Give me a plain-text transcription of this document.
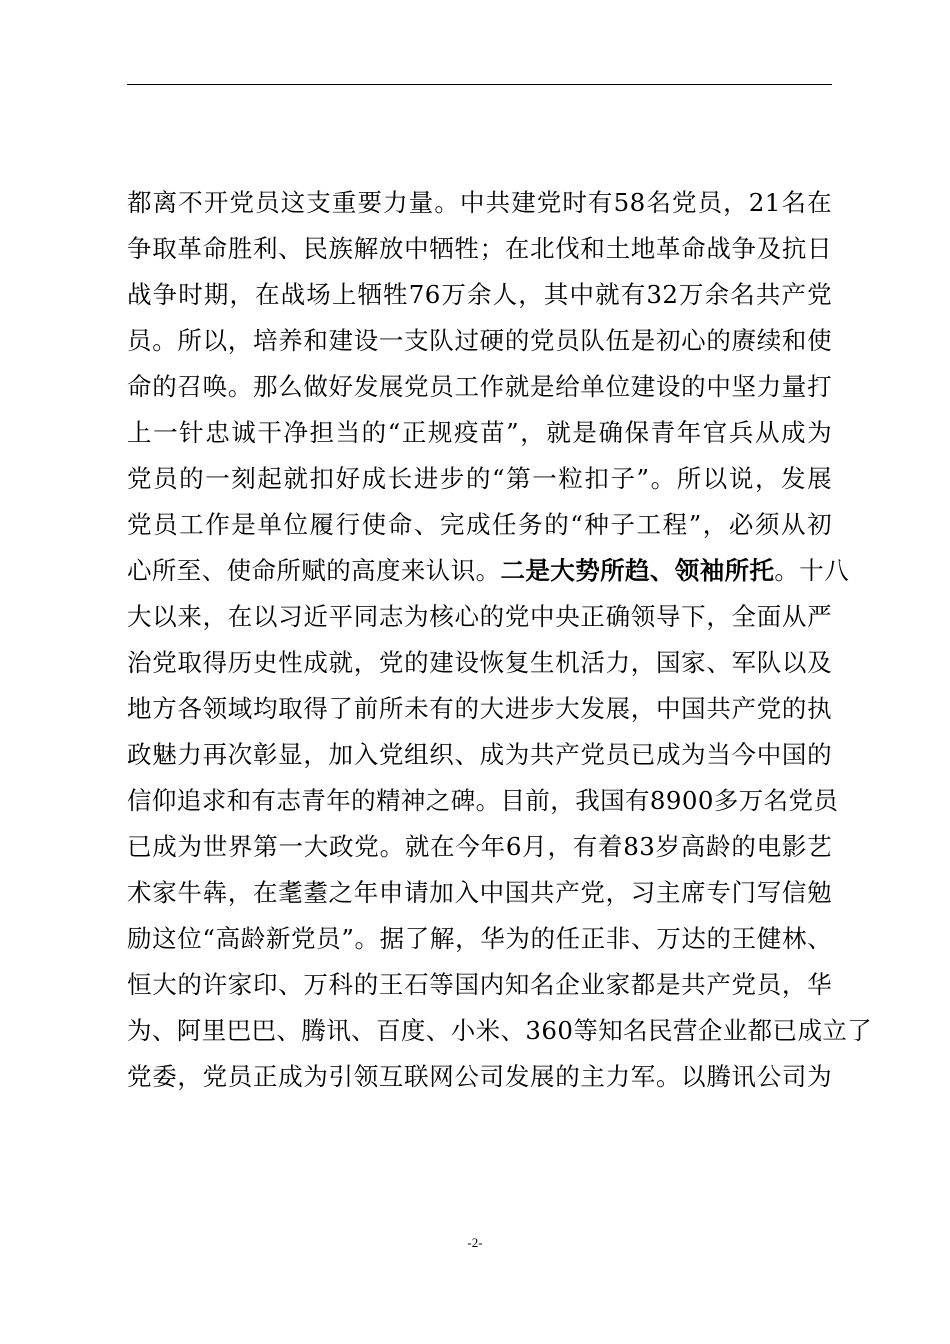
都离不开党员这支重要力量。中共建党时有58名党员，21名在
争取革命胜利、民族解放中牺牲；在北伐和土地革命战争及抗日
战争时期，在战场上牺牲76万余人，其中就有32万余名共产党
员。所以，培养和建设一支队过硬的党员队伍是初心的赓续和使
命的召唤。那么做好发展党员工作就是给单位建设的中坚力量打
上一针忠诚干净担当的“正规疫苗”，就是确保青年官兵从成为
党员的一刻起就扣好成长进步的“第一粒扣子”。所以说，发展
党员工作是单位履行使命、完成任务的“种子工程”，必须从初
心所至、使命所赋的高度来认识。二是大势所趋、领袖所托。十八
大以来，在以习近平同志为核心的党中央正确领导下，全面从严
治党取得历史性成就，党的建设恢复生机活力，国家、军队以及
地方各领域均取得了前所未有的大进步大发展，中国共产党的执
政魅力再次彰显，加入党组织、成为共产党员已成为当今中国的
信仰追求和有志青年的精神之碑。目前，我国有8900多万名党员
已成为世界第一大政党。就在今年6月，有着83岁高龄的电影艺
术家牛犇，在耄耋之年申请加入中国共产党，习主席专门写信勉
励这位“高龄新党员”。据了解，华为的任正非、万达的王健林、
恒大的许家印、万科的王石等国内知名企业家都是共产党员，华
为、阿里巴巴、腾讯、百度、小米、360等知名民营企业都已成立了
党委，党员正成为引领互联网公司发展的主力军。以腾讯公司为
-2-
